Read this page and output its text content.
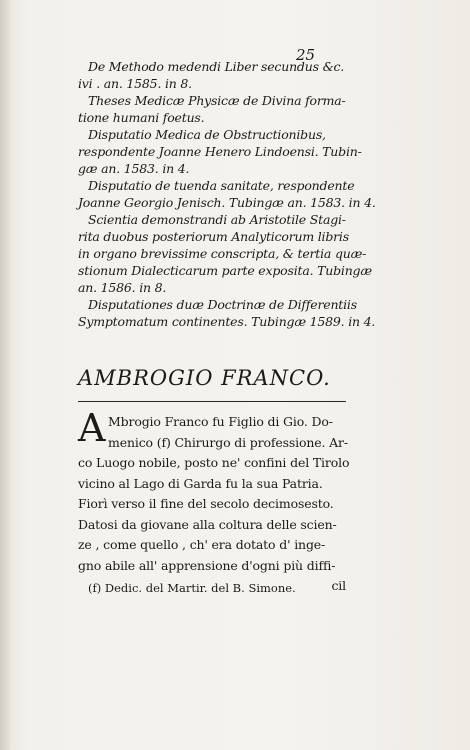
25

De Methodo medendi Liber secundus &c.
ivi . an. 1585. in 8.

Theses Medicæ Physicæ de Divina forma-
tione humani foetus.

Disputatio Medica de Obstructionibus,
respondente Joanne Henero Lindoensi. Tubin-
gæ an. 1583. in 4.

Disputatio de tuenda sanitate, respondente
Joanne Georgio Jenisch. Tubingæ an. 1583. in 4.

Scientia demonstrandi ab Aristotile Stagi-
rita duobus posteriorum Analyticorum libris
in organo brevissime conscripta, & tertia quæ-
stionum Dialecticarum parte exposita. Tubingæ
an. 1586. in 8.

Disputationes duæ Doctrinæ de Differentiis
Symptomatum continentes. Tubingæ 1589. in 4.

AMBROGIO FRANCO.
A Mbrogio Franco fu Figlio di Gio. Do-
menico (f) Chirurgo di professione. Ar-
co Luogo nobile, posto ne' confini del Tirolo
vicino al Lago di Garda fu la sua Patria.
Fiorì verso il fine del secolo decimosesto.
Datosi da giovane alla coltura delle scien-
ze , come quello , ch' era dotato d' inge-
gno abile all' apprensione d'ogni più diffi-
cil
(f) Dedic. del Martir. del B. Simone.
